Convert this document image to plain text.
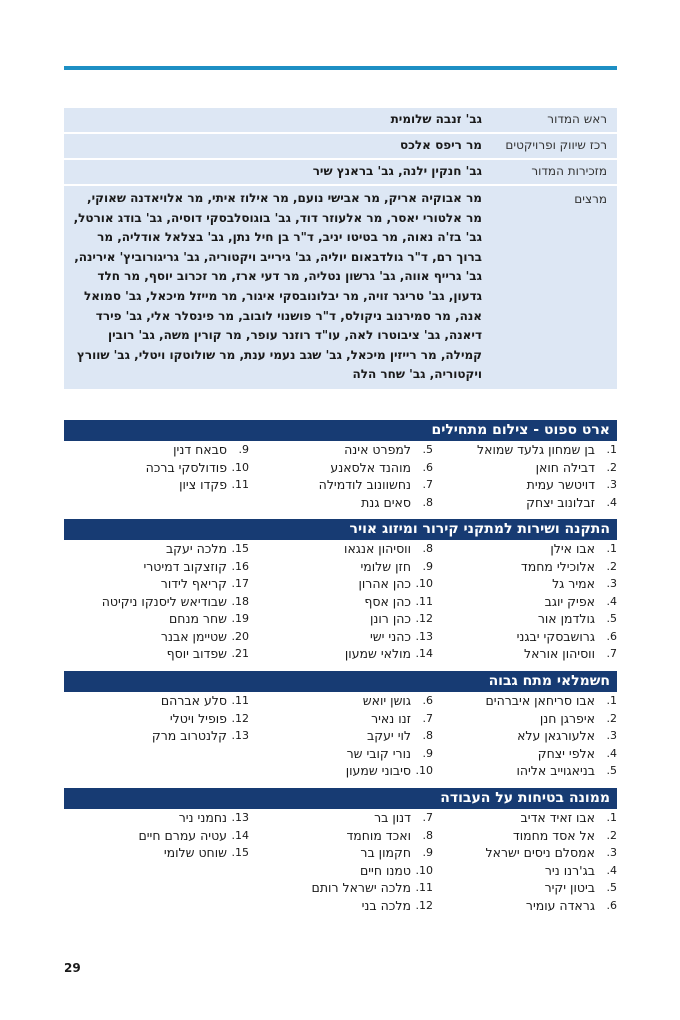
ראש המדור
גב' זנבה שלומית
רכז שיווק ופרויקטים
מר ריפס אלכס
מזכירות המדור
גב' חנקין ילנה, גב' בראנץ שיר
מרצים
מר אבוקיה אריק, מר אבישי נועם, מר אילוז איתי, מר אלויאדנה שאוקי, מר אלטורי יאסר, מר אלעוזר דוד, גב' בוגוסלבסקי דוסיה, גב' בודג אורטל, גב' בז'ה נאוה, מר בטיטו יניב, ד"ר בן חיל נתן, גב' בצלאל אודליה, מר ברוך רם, ד"ר גולדבאום יוליה, גב' גירייב ויקטוריה, גב' גריגורוביץ' אירינה, גב' גרייף אווה, גב' גרשון נטליה, מר דעי ארז, מר זכרוב יוסף, מר חלד גדעון, גב' טריגר זויה, מר יבלונובסקי איגור, מר מייזל מיכאל, גב' סמואל אנה, מר סמירנוב ניקולס, ד"ר פושנוי לובוב, מר פינסלר אלי, גב' פירד דיאנה, גב' ציבוטרו לאה, עו"ד רוזנר עופר, מר קורין משה, גב' רובין קמילה, מר רייזין מיכאל, גב' שגב נעמי ענת, מר שולוטקו ויטלי, גב' שוורץ ויקטוריה, גב' שחר הלה
ארט ספוט - צילום מתחילים
1.
בן שמחון גלעד שמואל
2.
דבילה חואן
3.
דויטשר עמית
4.
זבלונוב יצחק
5.
למפרט אינה
6.
מוהנד אלסאנע
7.
נחשוונוב לודמילה
8.
סאים גנת
9.
סבאח דנין
10.
פודולסקי ברכה
11.
פקדו ציון
התקנה ושירות למתקני קירור ומיזוג אויר
1.
אבו אילן
2.
אלוכילי מחמד
3.
אמיר גל
4.
אפיק יוגב
5.
גולדמן אור
6.
גרושבסקי יבגני
7.
ווסיהון אוראל
8.
ווסיהון אנגאו
9.
חזן שלומי
10.
כהן אהרון
11.
כהן אסף
12.
כהן רונן
13.
כהני ישי
14.
מולאי שמעון
15.
מלכה יעקב
16.
קוזצקוב דמיטרי
17.
קריאף לידור
18.
שבודיאש ליסנקו ניקיטה
19.
שחר מנחם
20.
שטיימן אבנר
21.
שפדוב יוסף
חשמלאי מתח גבוה
1.
אבו סריחאן איברהים
2.
איפרגן חנן
3.
אלעורגאן עלא
4.
אלפי יצחק
5.
בניאגוייב אליהו
6.
גושן יואש
7.
זנו נאיר
8.
לוי יעקב
9.
נורי קובי שר
10.
סיבוני שמעון
11.
סלע אברהם
12.
פופיל ויטלי
13.
קלנטרוב מרק
ממונה בטיחות על העבודה
1.
אבו זאיד אדיב
2.
אל אסד מחמוד
3.
אמסלם ניסים ישראל
4.
בג'רנו ניר
5.
ביטון יקיר
6.
גראדה עומיר
7.
דנון בר
8.
ואכד מוחמד
9.
חקמון בר
10.
טמנו חיים
11.
מלכה ישראל רותם
12.
מלכה בני
13.
נחמני ניר
14.
עטיה עמרם חיים
15.
שוחט שלומי
29
